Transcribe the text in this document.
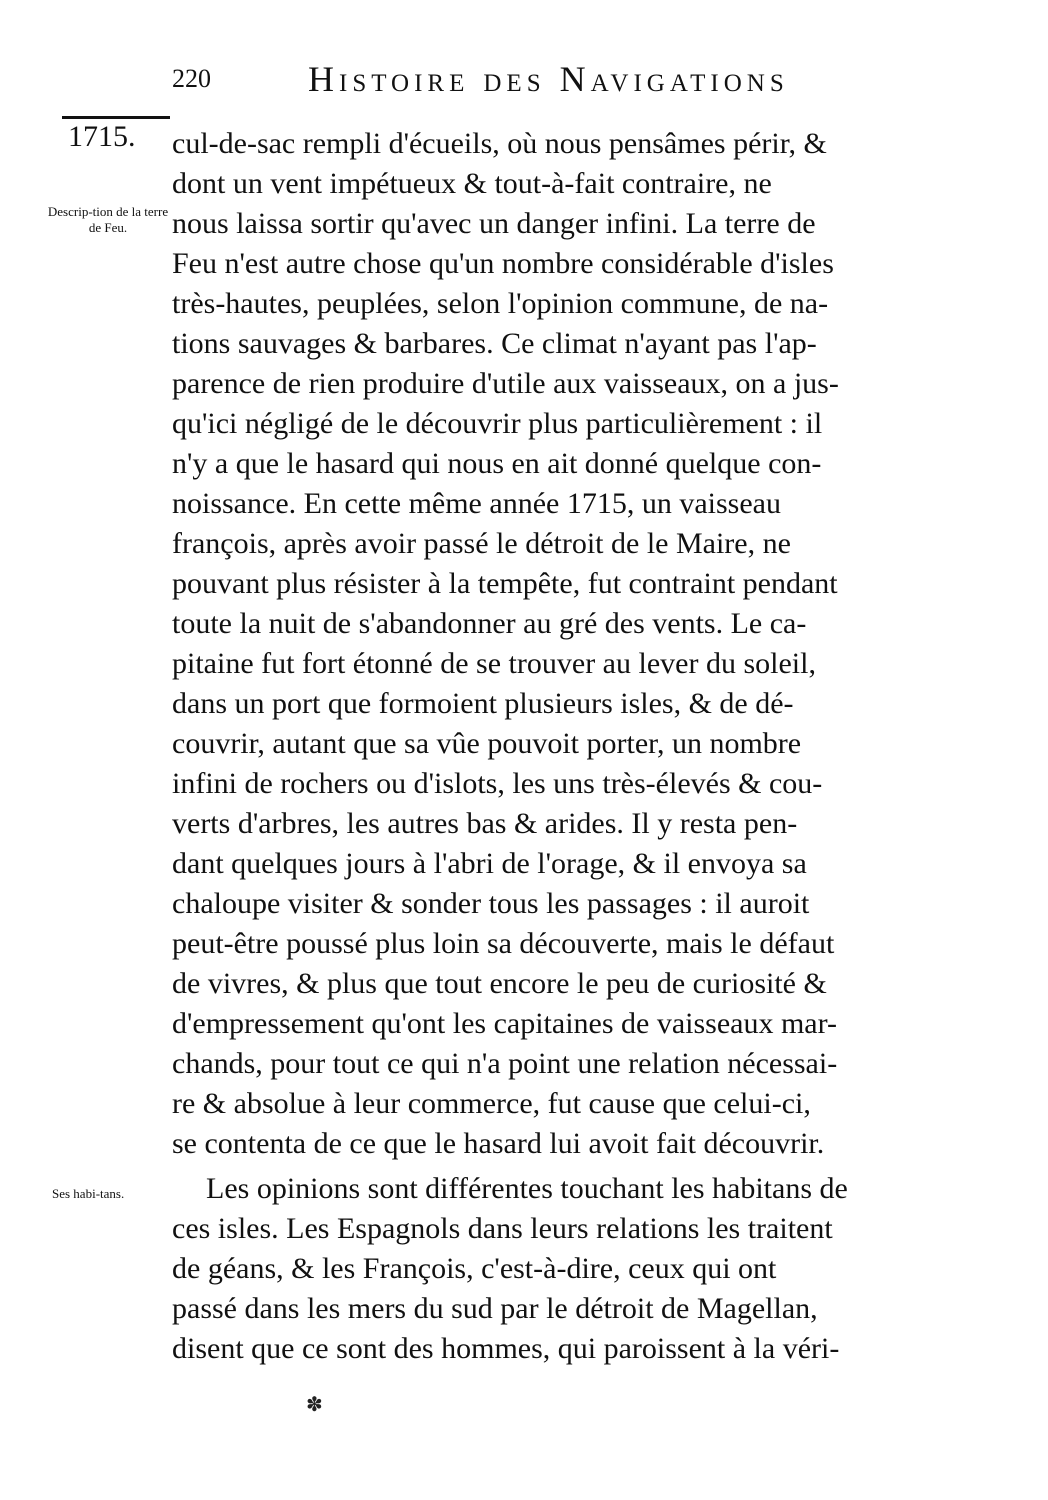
220	Histoire des Navigations
1715.
Descrip-tion de la terre de Feu.
Ses habi-tans.
cul-de-sac rempli d'écueils, où nous pensâmes périr, &
dont un vent impétueux & tout-à-fait contraire, ne
nous laissa sortir qu'avec un danger infini. La terre de
Feu n'est autre chose qu'un nombre considérable d'isles
très-hautes, peuplées, selon l'opinion commune, de na-
tions sauvages & barbares. Ce climat n'ayant pas l'ap-
parence de rien produire d'utile aux vaisseaux, on a jus-
qu'ici négligé de le découvrir plus particulièrement : il
n'y a que le hasard qui nous en ait donné quelque con-
noissance. En cette même année 1715, un vaisseau
françois, après avoir passé le détroit de le Maire, ne
pouvant plus résister à la tempête, fut contraint pendant
toute la nuit de s'abandonner au gré des vents. Le ca-
pitaine fut fort étonné de se trouver au lever du soleil,
dans un port que formoient plusieurs isles, & de dé-
couvrir, autant que sa vûe pouvoit porter, un nombre
infini de rochers ou d'islots, les uns très-élevés & cou-
verts d'arbres, les autres bas & arides. Il y resta pen-
dant quelques jours à l'abri de l'orage, & il envoya sa
chaloupe visiter & sonder tous les passages : il auroit
peut-être poussé plus loin sa découverte, mais le défaut
de vivres, & plus que tout encore le peu de curiosité &
d'empressement qu'ont les capitaines de vaisseaux mar-
chands, pour tout ce qui n'a point une relation nécessai-
re & absolue à leur commerce, fut cause que celui-ci,
se contenta de ce que le hasard lui avoit fait découvrir.
Les opinions sont différentes touchant les habitans de
ces isles. Les Espagnols dans leurs relations les traitent
de géans, & les François, c'est-à-dire, ceux qui ont
passé dans les mers du sud par le détroit de Magellan,
disent que ce sont des hommes, qui paroissent à la véri-
✽
